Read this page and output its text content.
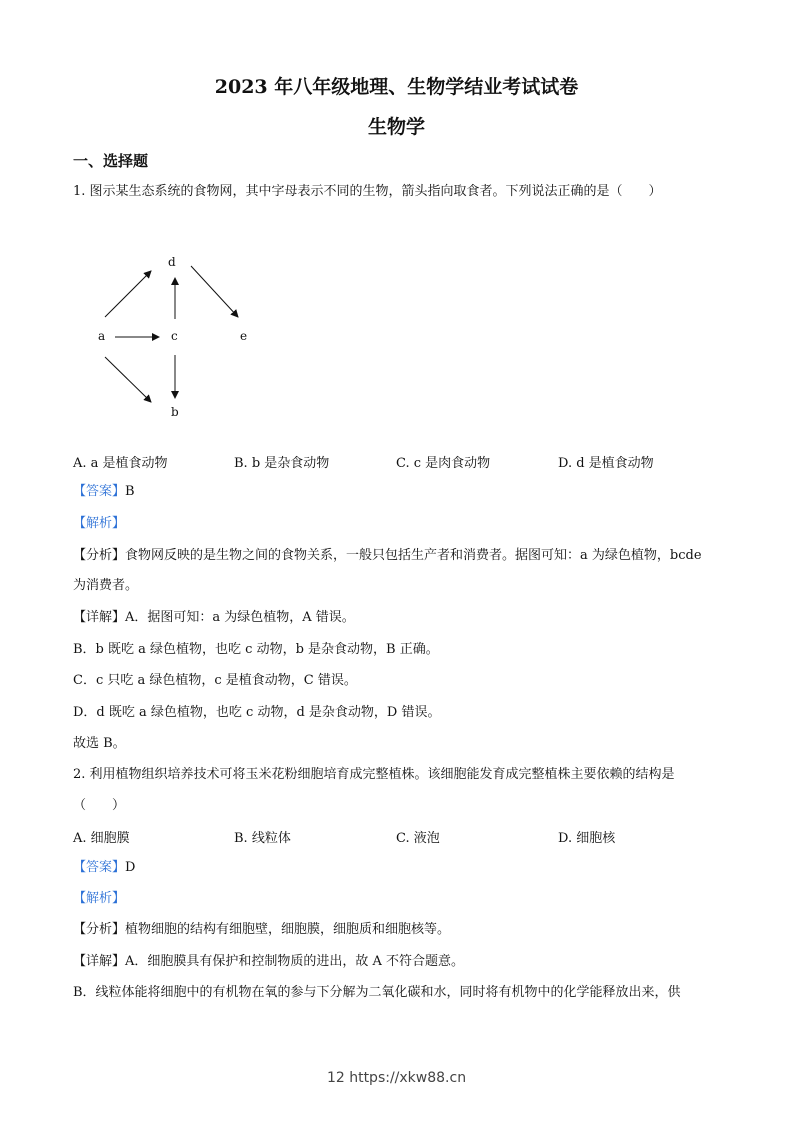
2023 年八年级地理、生物学结业考试试卷
生物学
一、选择题
1. 图示某生态系统的食物网，其中字母表示不同的生物，箭头指向取食者。下列说法正确的是（　　）
d
a	c	e
b
A. a 是植食动物	B. b 是杂食动物	C. c 是肉食动物	D. d 是植食动物
【答案】B
【解析】
【分析】食物网反映的是生物之间的食物关系，一般只包括生产者和消费者。据图可知：a 为绿色植物，bcde
为消费者。
【详解】A．据图可知：a 为绿色植物，A 错误。
B．b 既吃 a 绿色植物，也吃 c 动物，b 是杂食动物，B 正确。
C．c 只吃 a 绿色植物，c 是植食动物，C 错误。
D．d 既吃 a 绿色植物，也吃 c 动物，d 是杂食动物，D 错误。
故选 B。
2. 利用植物组织培养技术可将玉米花粉细胞培育成完整植株。该细胞能发育成完整植株主要依赖的结构是
（　　）
A. 细胞膜	B. 线粒体	C. 液泡	D. 细胞核
【答案】D
【解析】
【分析】植物细胞的结构有细胞壁，细胞膜，细胞质和细胞核等。
【详解】A．细胞膜具有保护和控制物质的进出，故 A 不符合题意。
B．线粒体能将细胞中的有机物在氧的参与下分解为二氧化碳和水，同时将有机物中的化学能释放出来，供
12 https://xkw88.cn
